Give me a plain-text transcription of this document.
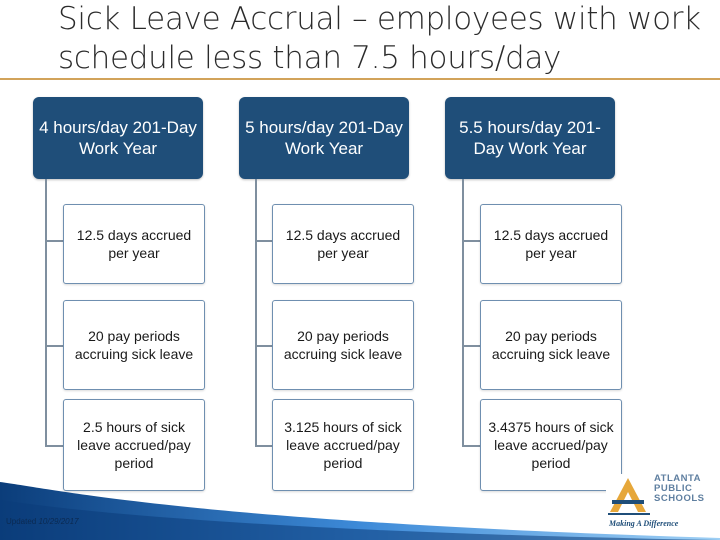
Sick Leave Accrual – employees with work schedule less than 7.5 hours/day
4 hours/day 201-Day Work Year
12.5 days accrued per year
20 pay periods accruing sick leave
2.5 hours of sick leave accrued/pay period
5 hours/day 201-Day Work Year
12.5 days accrued per year
20 pay periods accruing sick leave
3.125 hours of sick leave accrued/pay period
5.5 hours/day 201-Day Work Year
12.5 days accrued per year
20 pay periods accruing sick leave
3.4375 hours of sick leave accrued/pay period
Updated 10/29/2017
ATLANTA
PUBLIC
SCHOOLS
Making A Difference
